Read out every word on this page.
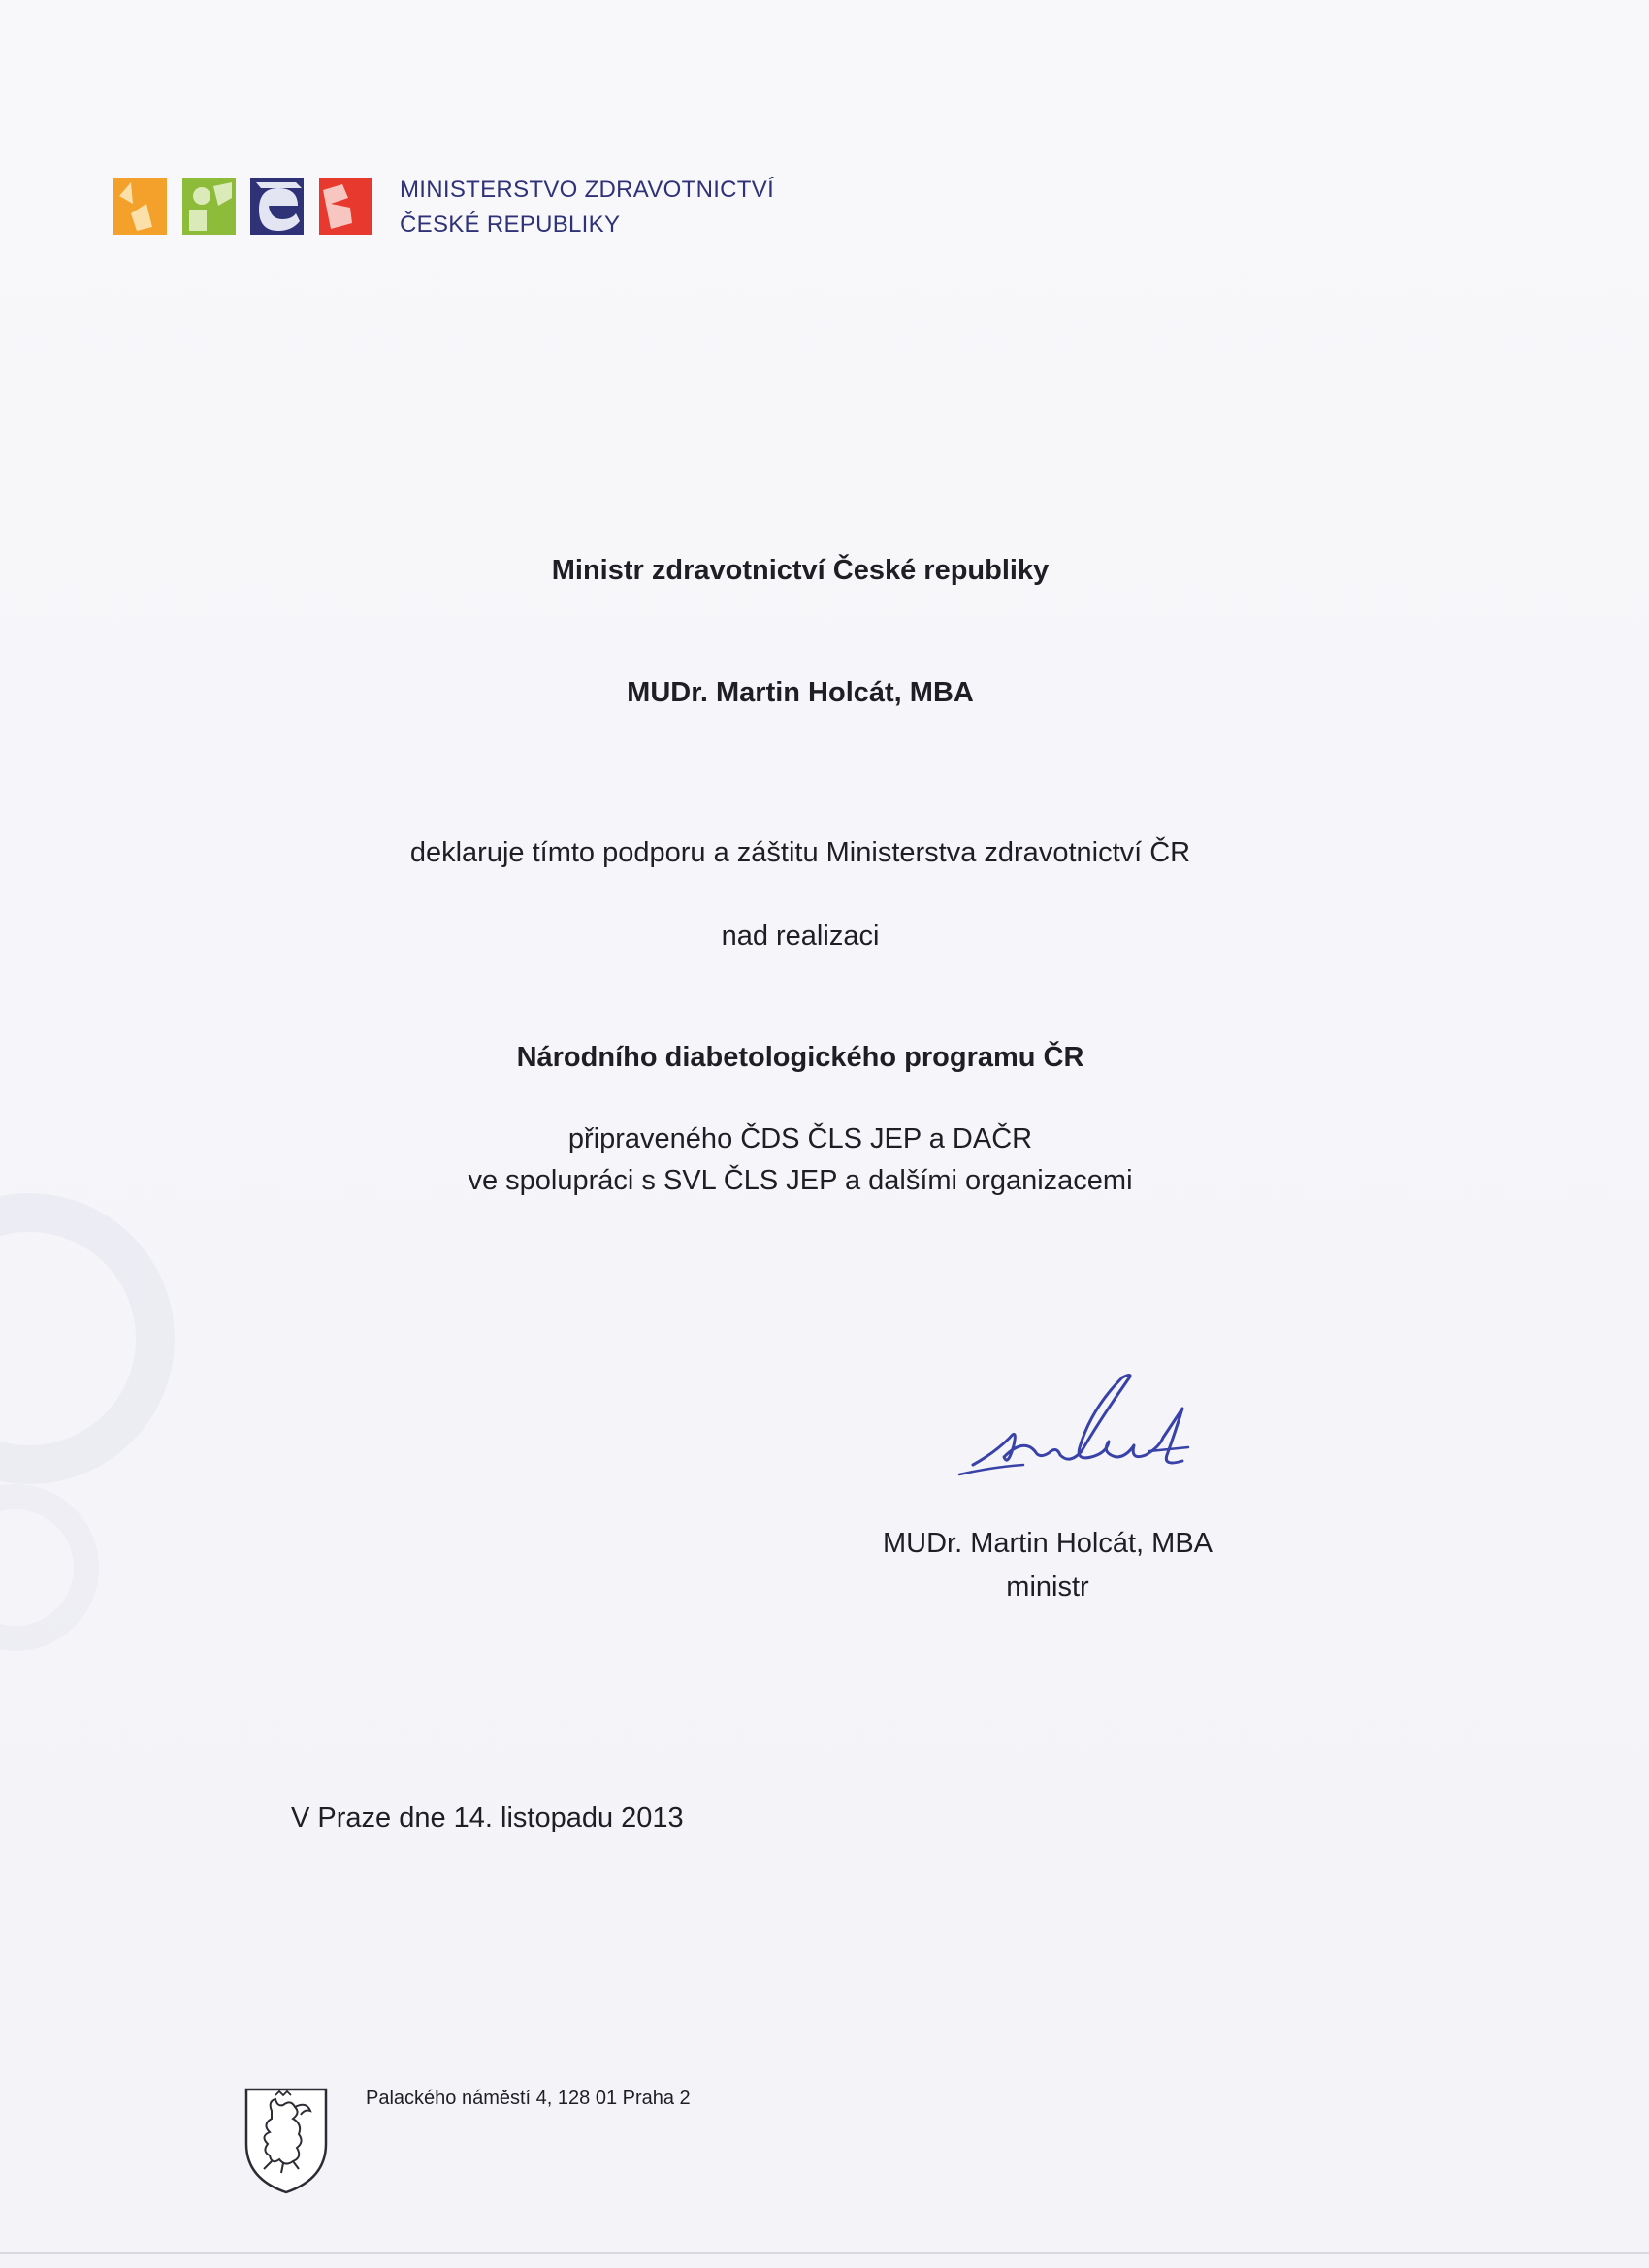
MINISTERSTVO ZDRAVOTNICTVÍ
ČESKÉ REPUBLIKY
Ministr zdravotnictví České republiky
MUDr. Martin Holcát, MBA
deklaruje tímto podporu a záštitu Ministerstva zdravotnictví ČR
nad realizaci
Národního diabetologického programu ČR
připraveného ČDS ČLS JEP a DAČR
ve spolupráci s SVL ČLS JEP a dalšími organizacemi
MUDr. Martin Holcát, MBA
ministr
V Praze dne 14. listopadu 2013
Palackého náměstí 4, 128 01 Praha 2
